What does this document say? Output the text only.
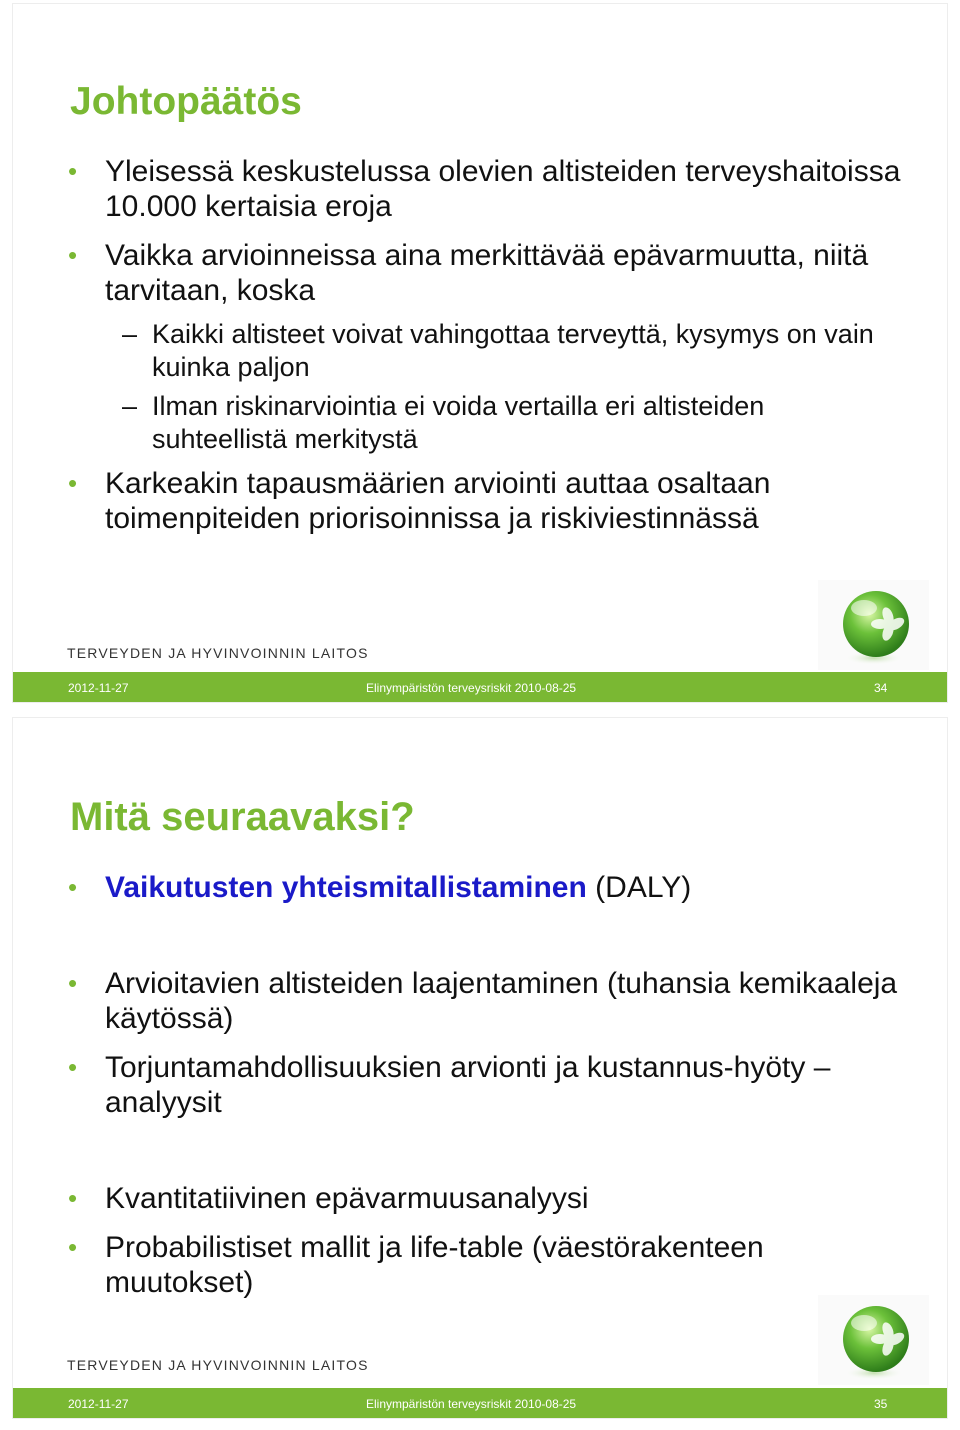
Johtopäätös
• Yleisessä keskustelussa olevien altisteiden terveyshaitoissa 10.000 kertaisia eroja
• Vaikka arvioinneissa aina merkittävää epävarmuutta, niitä tarvitaan, koska
– Kaikki altisteet voivat vahingottaa terveyttä, kysymys on vain kuinka paljon
– Ilman riskinarviointia ei voida vertailla eri altisteiden suhteellistä merkitystä
• Karkeakin tapausmäärien arviointi auttaa osaltaan toimenpiteiden priorisoinnissa ja riskiviestinnässä
TERVEYDEN JA HYVINVOINNIN LAITOS
2012-11-27	Elinympäristön terveysriskit 2010-08-25	34
Mitä seuraavaksi?
• Vaikutusten yhteismitallistaminen (DALY)
• Arvioitavien altisteiden laajentaminen (tuhansia kemikaaleja käytössä)
• Torjuntamahdollisuuksien arvionti ja kustannus-hyöty –analyysit
• Kvantitatiivinen epävarmuusanalyysi
• Probabilistiset mallit ja life-table (väestörakenteen muutokset)
TERVEYDEN JA HYVINVOINNIN LAITOS
2012-11-27	Elinympäristön terveysriskit 2010-08-25	35
